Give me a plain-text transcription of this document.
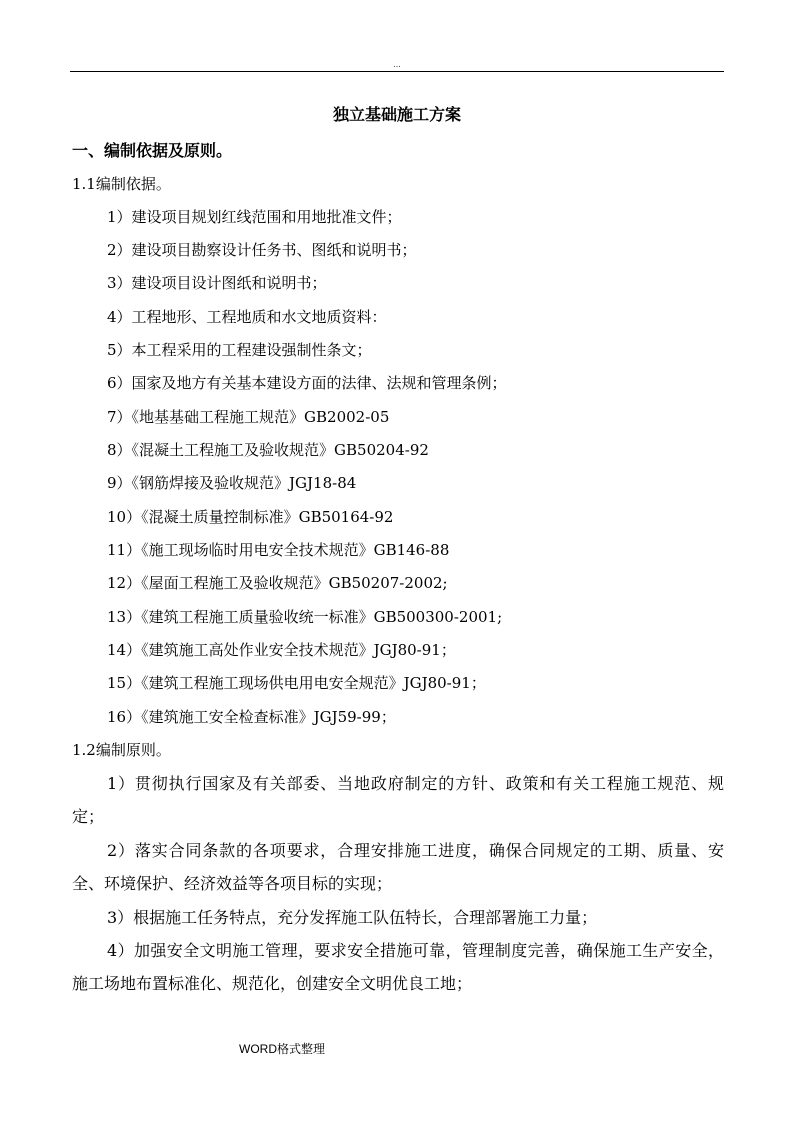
...
独立基础施工方案
一、编制依据及原则。
1.1编制依据。
1）建设项目规划红线范围和用地批准文件；
2）建设项目勘察设计任务书、图纸和说明书；
3）建设项目设计图纸和说明书；
4）工程地形、工程地质和水文地质资料：
5）本工程采用的工程建设强制性条文；
6）国家及地方有关基本建设方面的法律、法规和管理条例；
7）《地基基础工程施工规范》GB2002-05
8）《混凝土工程施工及验收规范》GB50204-92
9）《钢筋焊接及验收规范》JGJ18-84
10）《混凝土质量控制标准》GB50164-92
11）《施工现场临时用电安全技术规范》GB146-88
12）《屋面工程施工及验收规范》GB50207-2002;
13）《建筑工程施工质量验收统一标准》GB500300-2001;
14）《建筑施工高处作业安全技术规范》JGJ80-91；
15）《建筑工程施工现场供电用电安全规范》JGJ80-91；
16）《建筑施工安全检查标准》JGJ59-99；
1.2编制原则。
1）贯彻执行国家及有关部委、当地政府制定的方针、政策和有关工程施工规范、规定；
2）落实合同条款的各项要求，合理安排施工进度，确保合同规定的工期、质量、安全、环境保护、经济效益等各项目标的实现；
3）根据施工任务特点，充分发挥施工队伍特长，合理部署施工力量；
4）加强安全文明施工管理，要求安全措施可靠，管理制度完善，确保施工生产安全，施工场地布置标准化、规范化，创建安全文明优良工地；
WORD格式整理
